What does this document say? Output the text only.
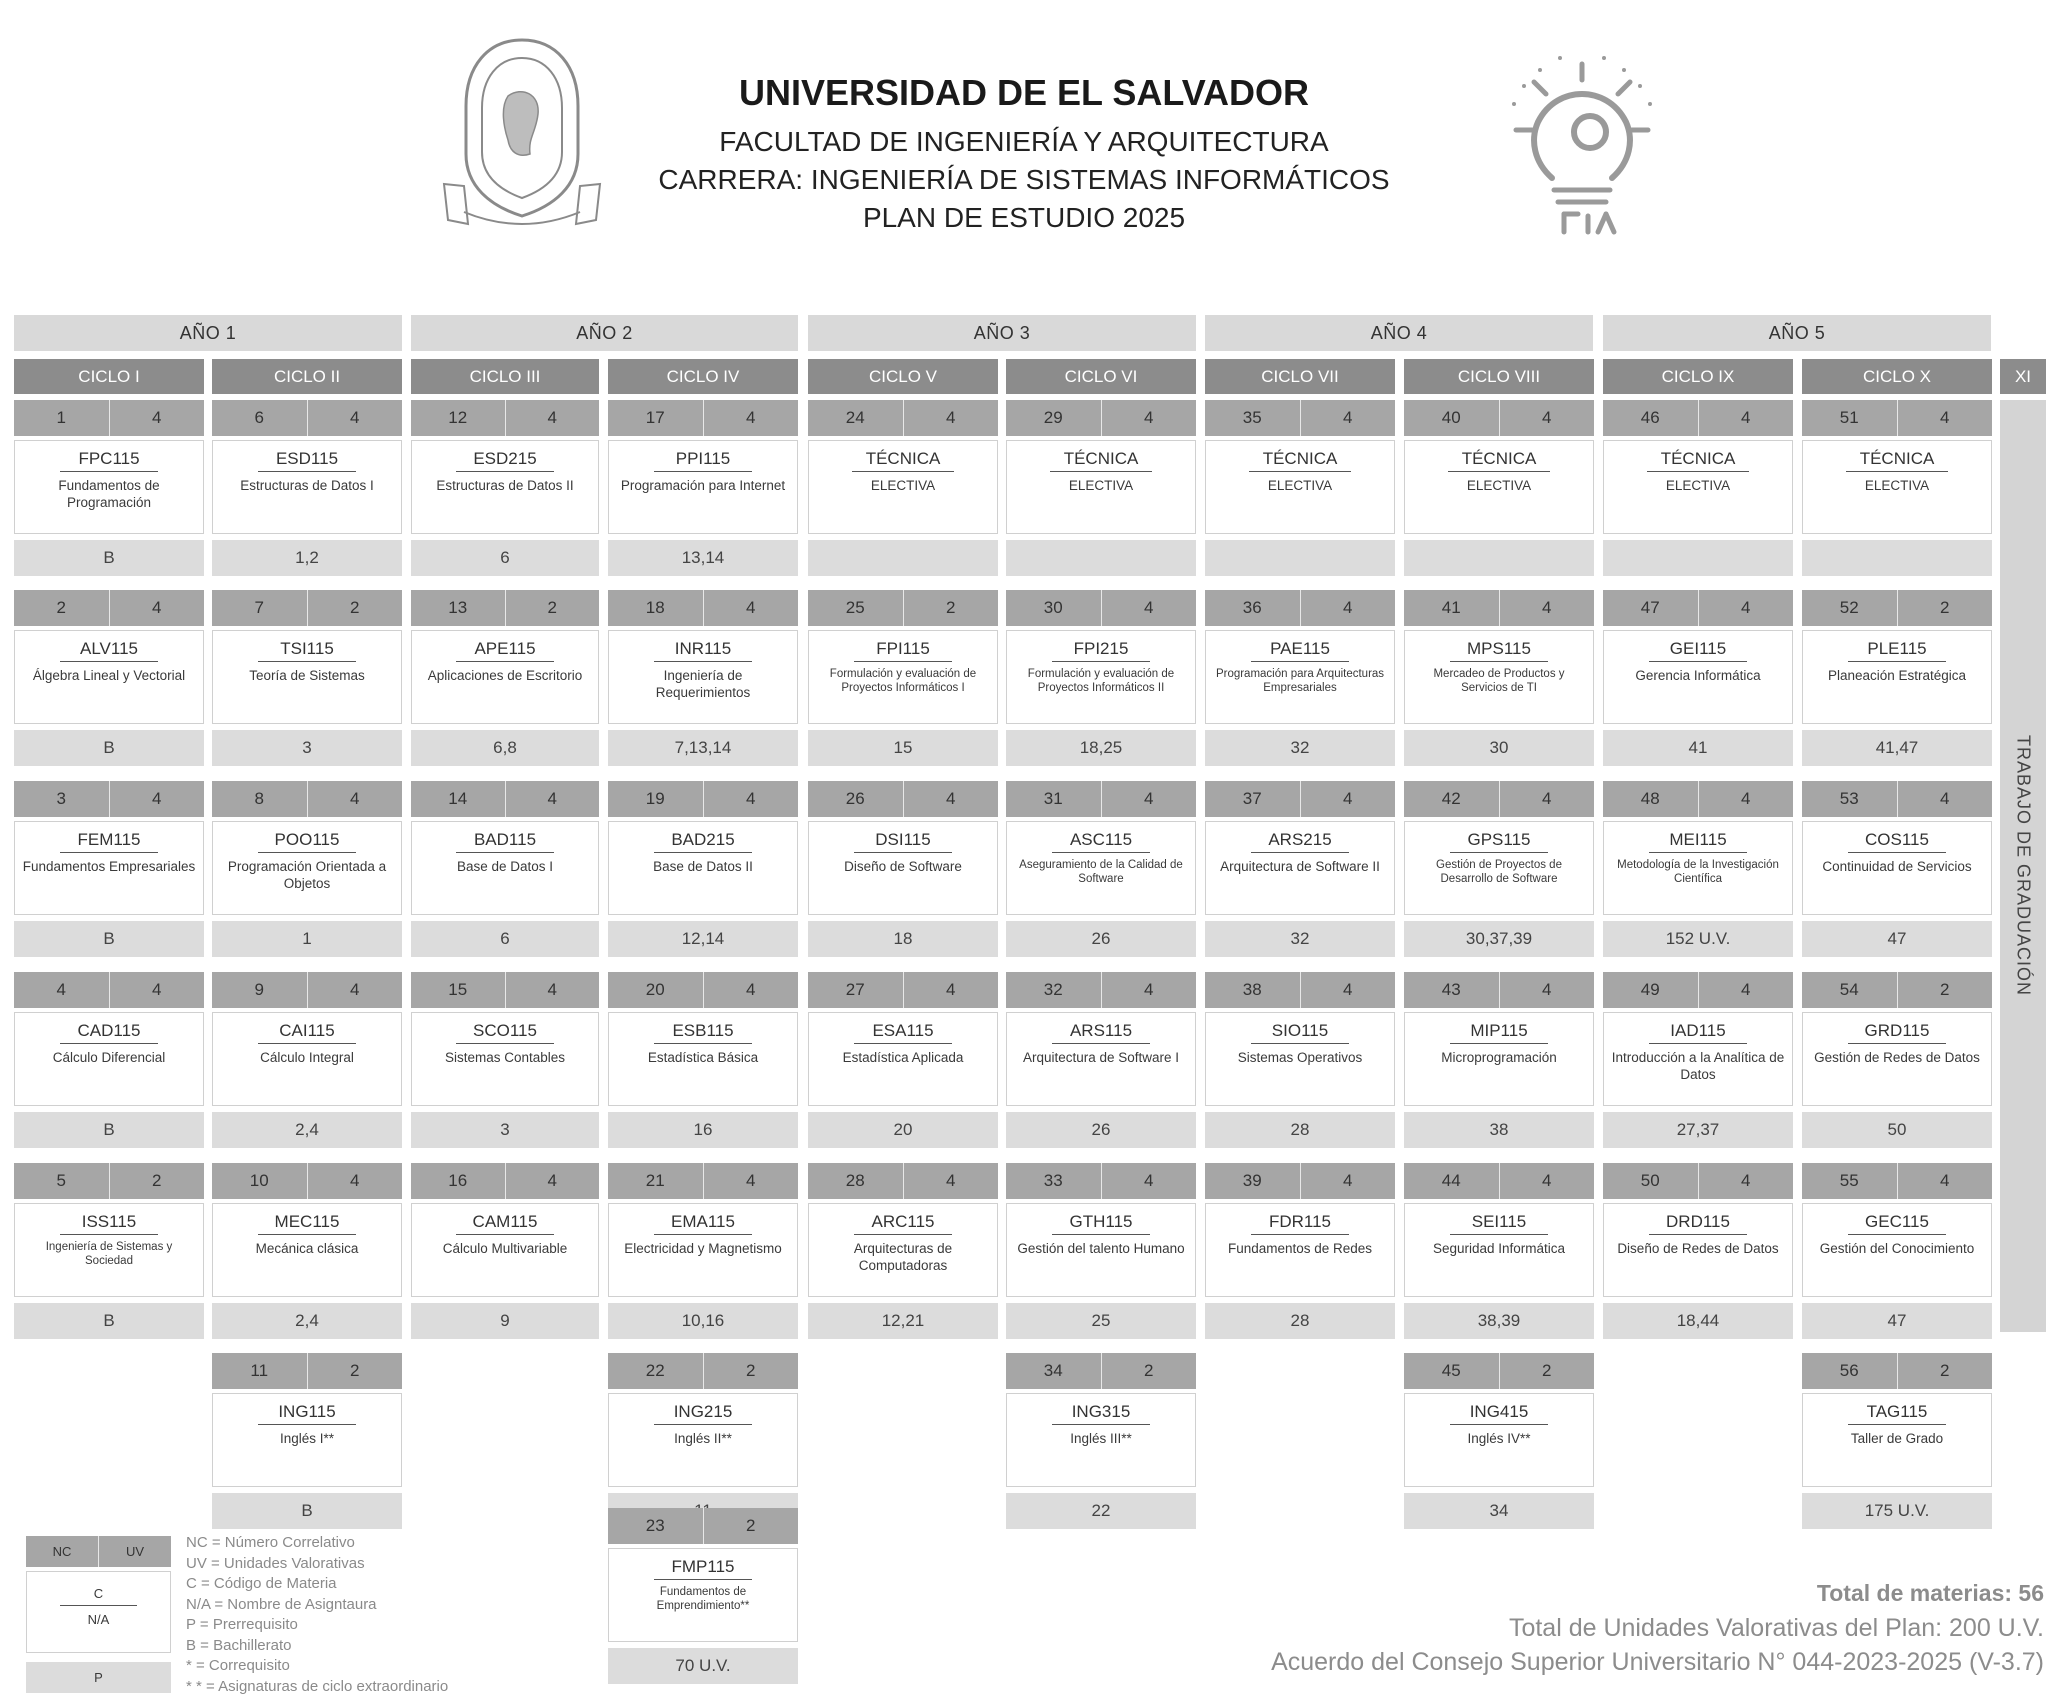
UNIVERSIDAD DE EL SALVADOR
FACULTAD DE INGENIERÍA Y ARQUITECTURA
CARRERA: INGENIERÍA DE SISTEMAS INFORMÁTICOS
PLAN DE ESTUDIO 2025
AÑO 1	AÑO 2	AÑO 3	AÑO 4	AÑO 5
XI
TRABAJO DE GRADUACIÓN
CICLO I	CICLO II	CICLO III	CICLO IV	CICLO V	CICLO VI	CICLO VII	CICLO VIII	CICLO IX	CICLO X
1	4
FPC115
Fundamentos de Programación
B
2	4
ALV115
Álgebra Lineal y Vectorial
B
3	4
FEM115
Fundamentos Empresariales
B
4	4
CAD115
Cálculo Diferencial
B
5	2
ISS115
Ingeniería de Sistemas y Sociedad
B
6	4
ESD115
Estructuras de Datos I
1,2
7	2
TSI115
Teoría de Sistemas
3
8	4
POO115
Programación Orientada a Objetos
1
9	4
CAI115
Cálculo Integral
2,4
10	4
MEC115
Mecánica clásica
2,4
11	2
ING115
Inglés I**
B
12	4
ESD215
Estructuras de Datos II
6
13	2
APE115
Aplicaciones de Escritorio
6,8
14	4
BAD115
Base de Datos I
6
15	4
SCO115
Sistemas Contables
3
16	4
CAM115
Cálculo Multivariable
9
17	4
PPI115
Programación para Internet
13,14
18	4
INR115
Ingeniería de Requerimientos
7,13,14
19	4
BAD215
Base de Datos II
12,14
20	4
ESB115
Estadística Básica
16
21	4
EMA115
Electricidad y Magnetismo
10,16
22	2
ING215
Inglés II**
23	2
FMP115
Fundamentos de Emprendimiento**
70 U.V.
24	4
TÉCNICA
ELECTIVA
25	2
FPI115
Formulación y evaluación de Proyectos Informáticos I
15
26	4
DSI115
Diseño de Software
18
27	4
ESA115
Estadística Aplicada
20
28	4
ARC115
Arquitecturas de Computadoras
12,21
29	4
TÉCNICA
ELECTIVA
30	4
FPI215
Formulación y evaluación de Proyectos Informáticos II
18,25
31	4
ASC115
Aseguramiento de la Calidad de Software
26
32	4
ARS115
Arquitectura de Software I
26
33	4
GTH115
Gestión del talento Humano
25
34	2
ING315
Inglés III**
22
35	4
TÉCNICA
ELECTIVA
36	4
PAE115
Programación para Arquitecturas Empresariales
32
37	4
ARS215
Arquitectura de Software II
32
38	4
SIO115
Sistemas Operativos
28
39	4
FDR115
Fundamentos de Redes
28
40	4
TÉCNICA
ELECTIVA
41	4
MPS115
Mercadeo de Productos y Servicios de TI
30
42	4
GPS115
Gestión de Proyectos de Desarrollo de Software
30,37,39
43	4
MIP115
Microprogramación
38
44	4
SEI115
Seguridad Informática
38,39
45	2
ING415
Inglés IV**
34
46	4
TÉCNICA
ELECTIVA
47	4
GEI115
Gerencia Informática
41
48	4
MEI115
Metodología de la Investigación Científica
152 U.V.
49	4
IAD115
Introducción a la Analítica de Datos
27,37
50	4
DRD115
Diseño de Redes de Datos
18,44
51	4
TÉCNICA
ELECTIVA
52	2
PLE115
Planeación Estratégica
41,47
53	4
COS115
Continuidad de Servicios
47
54	2
GRD115
Gestión de Redes de Datos
50
55	4
GEC115
Gestión del Conocimiento
47
56	2
TAG115
Taller de Grado
175 U.V.
NC	UV
C
N/A
P
NC = Número Correlativo
UV = Unidades Valorativas
C = Código de Materia
N/A = Nombre de Asigntaura
P = Prerrequisito
B = Bachillerato
* = Correquisito
* * = Asignaturas de ciclo extraordinario
Total de materias: 56
Total de Unidades Valorativas del Plan: 200 U.V.
Acuerdo del Consejo Superior Universitario N° 044-2023-2025 (V-3.7)
